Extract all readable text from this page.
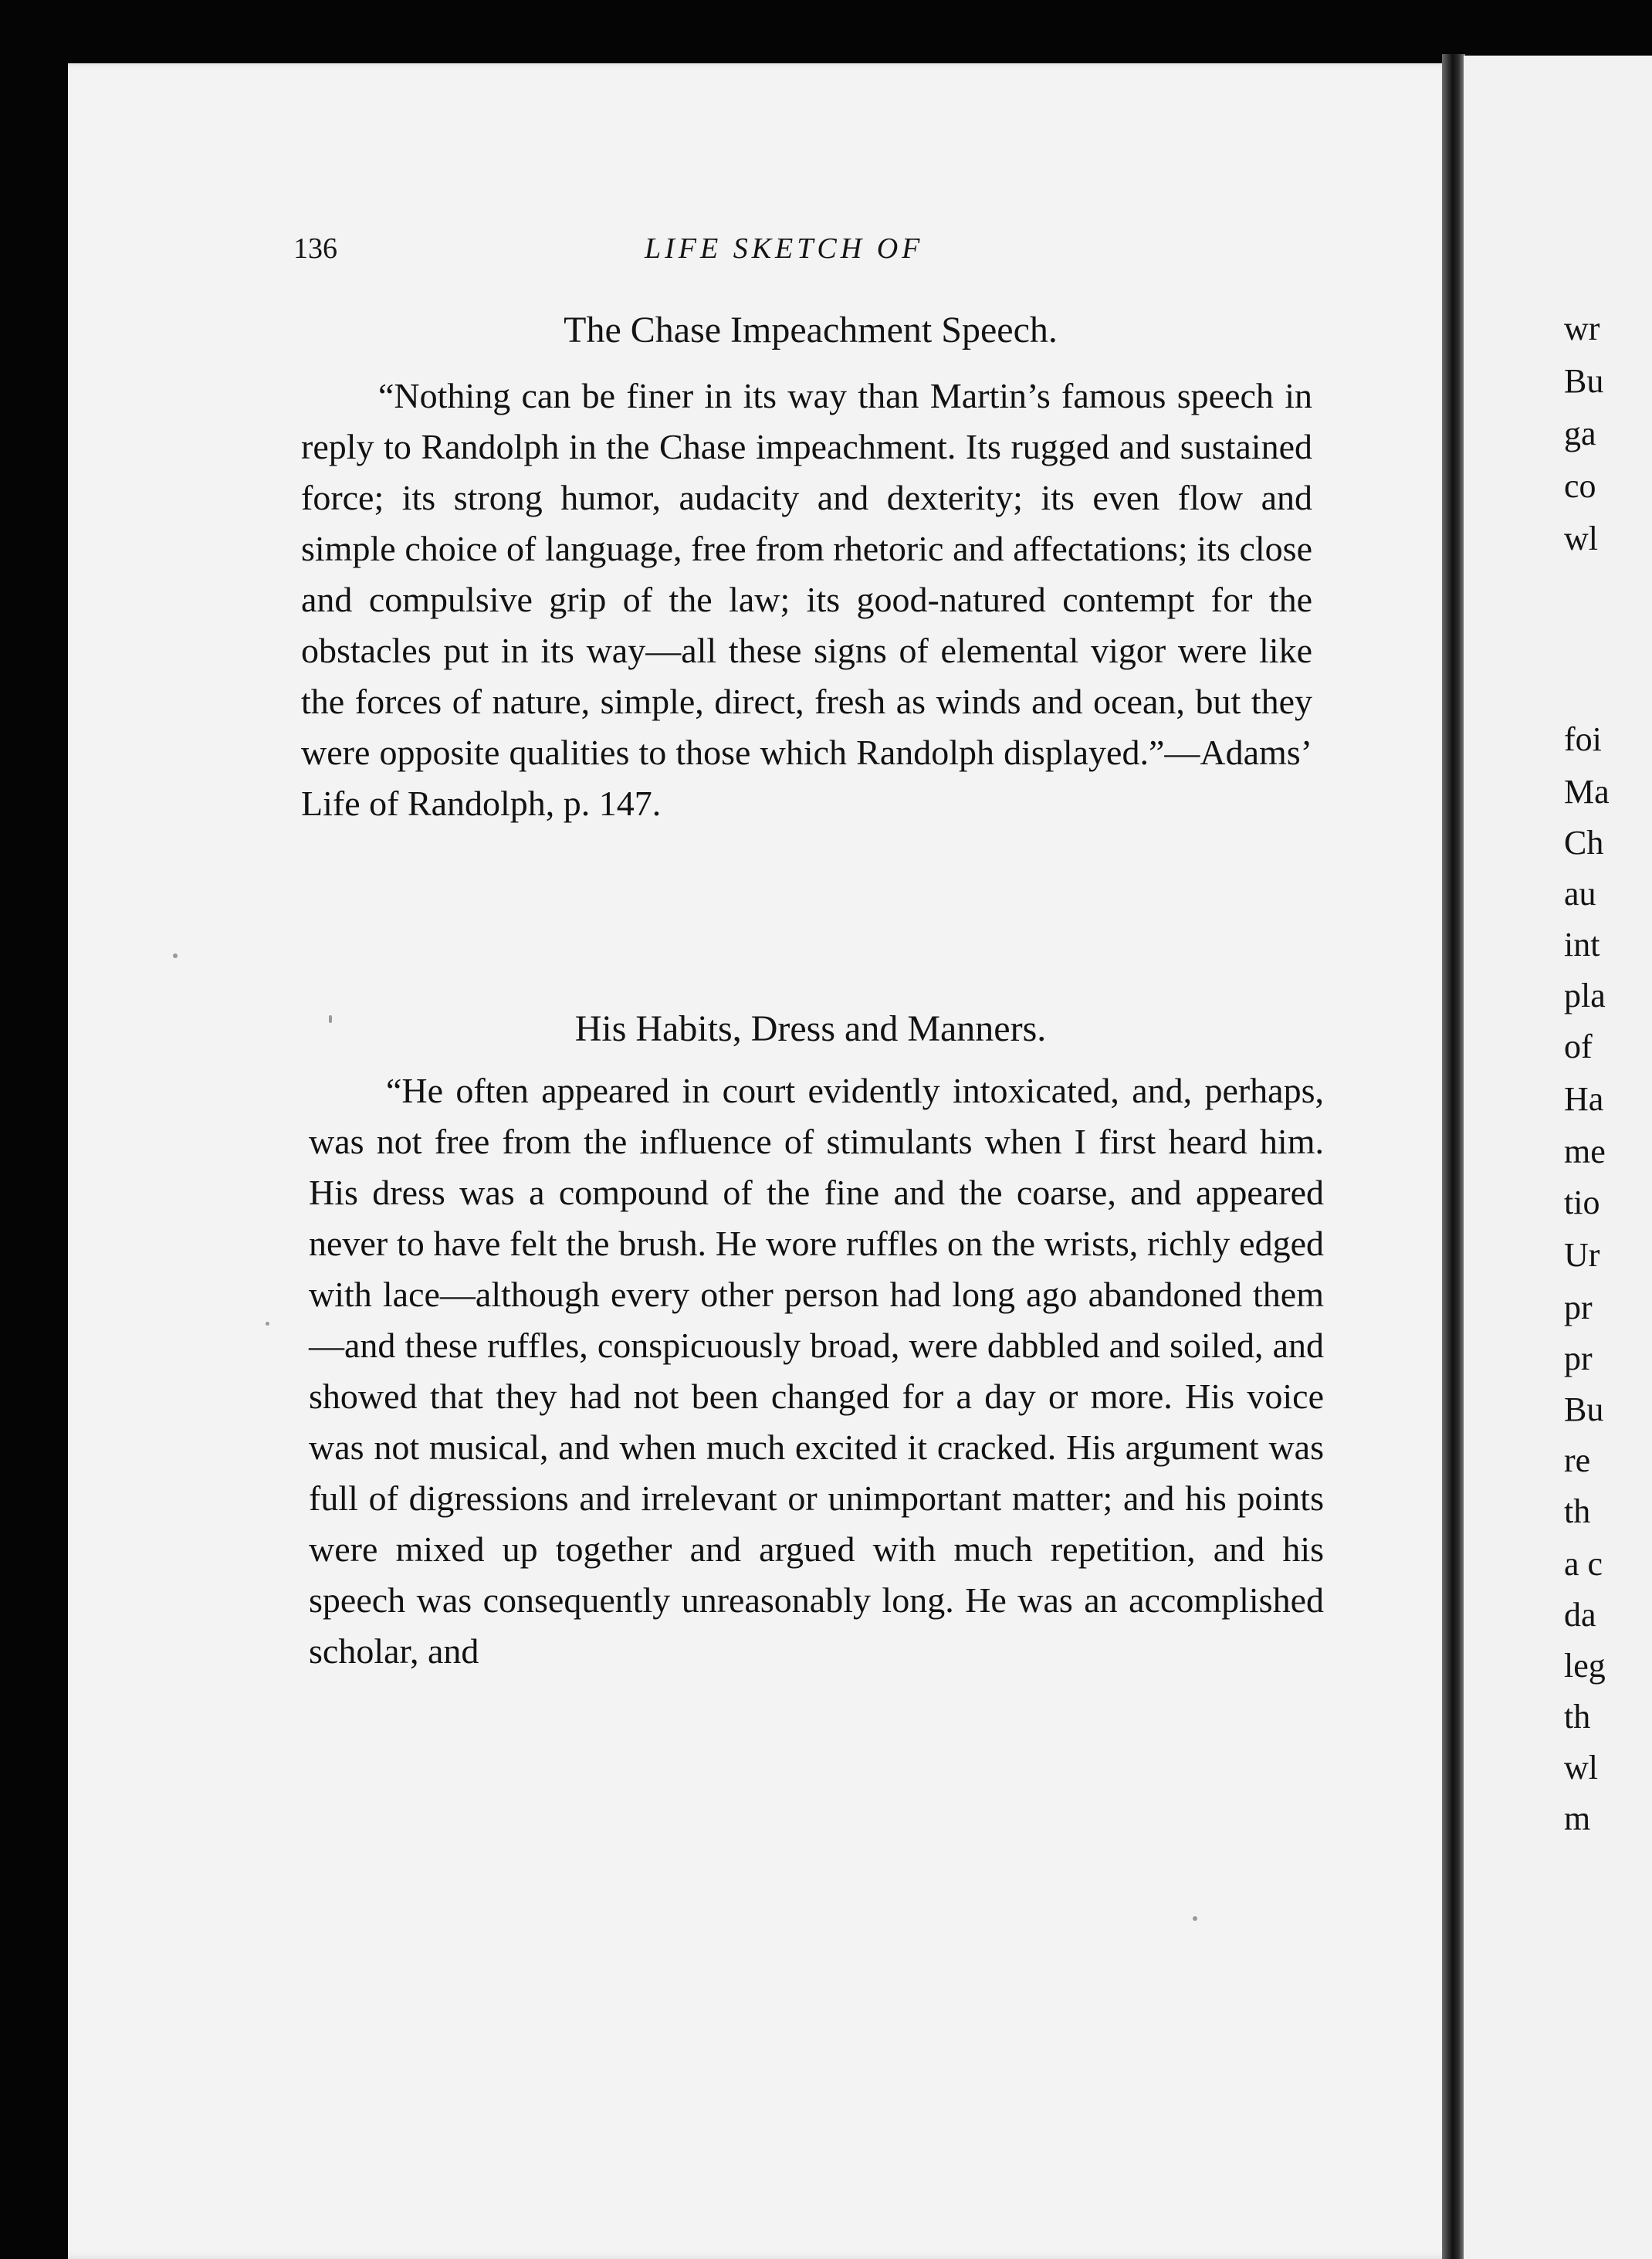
136	LIFE SKETCH OF
The Chase Impeachment Speech.

“Nothing can be finer in its way than Martin’s famous speech in reply to Randolph in the Chase impeachment. Its rugged and sustained force; its strong humor, audacity and dexterity; its even flow and simple choice of language, free from rhetoric and affectations; its close and compulsive grip of the law; its good-natured contempt for the obstacles put in its way—all these signs of elemental vigor were like the forces of nature, simple, direct, fresh as winds and ocean, but they were opposite qualities to those which Randolph displayed.”—Adams’ Life of Randolph, p. 147.

His Habits, Dress and Manners.

“He often appeared in court evidently intoxicated, and, perhaps, was not free from the influence of stimulants when I first heard him. His dress was a compound of the fine and the coarse, and appeared never to have felt the brush. He wore ruffles on the wrists, richly edged with lace—although every other person had long ago abandoned them—and these ruffles, conspicuously broad, were dabbled and soiled, and showed that they had not been changed for a day or more. His voice was not musical, and when much excited it cracked. His argument was full of digressions and irrelevant or unimportant matter; and his points were mixed up together and argued with much repetition, and his speech was consequently unreasonably long. He was an accomplished scholar, and

wr
Bu
ga
co
wl
foi
Ma
Ch
au
int
pla
of
Ha
me
tio
Ur
pr
pr
Bu
re
th
a c
da
leg
th
wl
m
